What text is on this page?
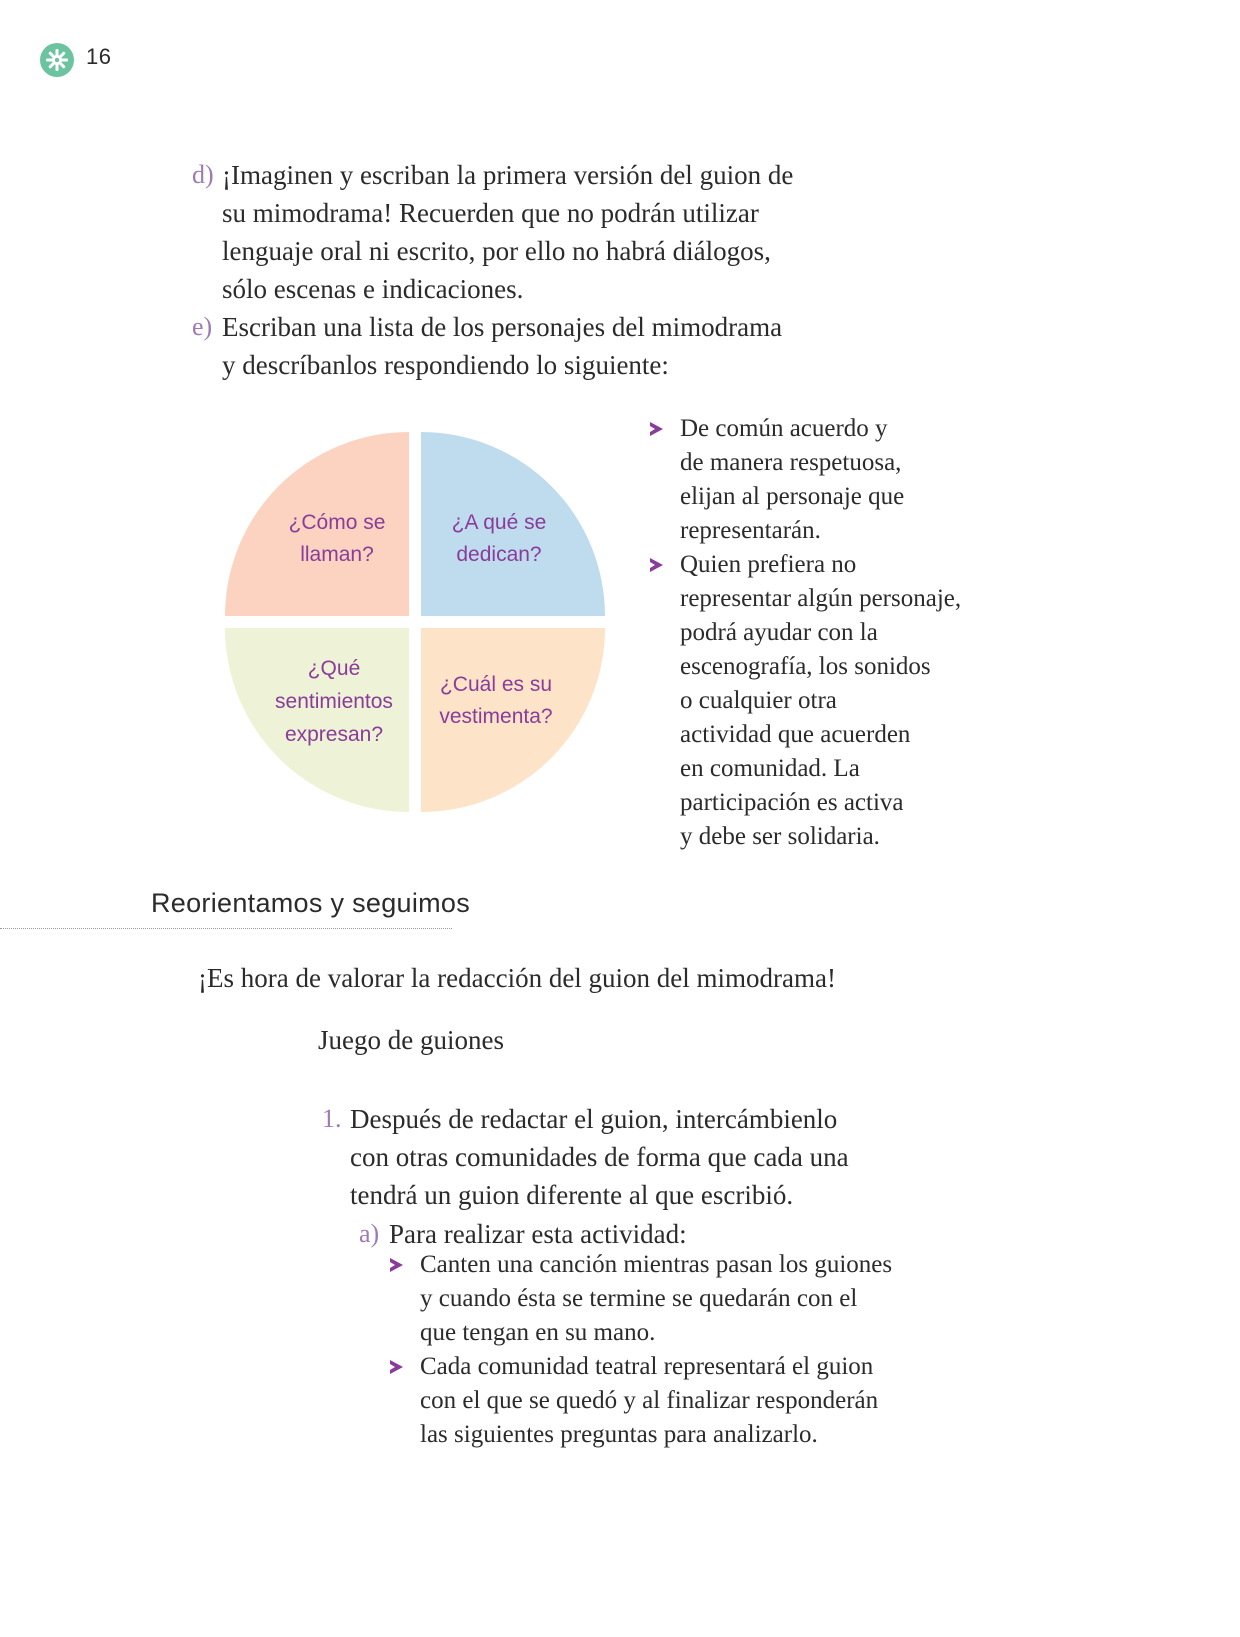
16
d) ¡Imaginen y escriban la primera versión del guion de
su mimodrama! Recuerden que no podrán utilizar
lenguaje oral ni escrito, por ello no habrá diálogos,
sólo escenas e indicaciones.
e) Escriban una lista de los personajes del mimodrama
y descríbanlos respondiendo lo siguiente:
¿Cómo se
llaman?
¿A qué se
dedican?
¿Qué
sentimientos
expresan?
¿Cuál es su
vestimenta?
De común acuerdo y
de manera respetuosa,
elijan al personaje que
representarán.
Quien prefiera no
representar algún personaje,
podrá ayudar con la
escenografía, los sonidos
o cualquier otra
actividad que acuerden
en comunidad. La
participación es activa
y debe ser solidaria.
Reorientamos y seguimos
¡Es hora de valorar la redacción del guion del mimodrama!
Juego de guiones
1. Después de redactar el guion, intercámbienlo
con otras comunidades de forma que cada una
tendrá un guion diferente al que escribió.
a) Para realizar esta actividad:
Canten una canción mientras pasan los guiones
y cuando ésta se termine se quedarán con el
que tengan en su mano.
Cada comunidad teatral representará el guion
con el que se quedó y al finalizar responderán
las siguientes preguntas para analizarlo.
